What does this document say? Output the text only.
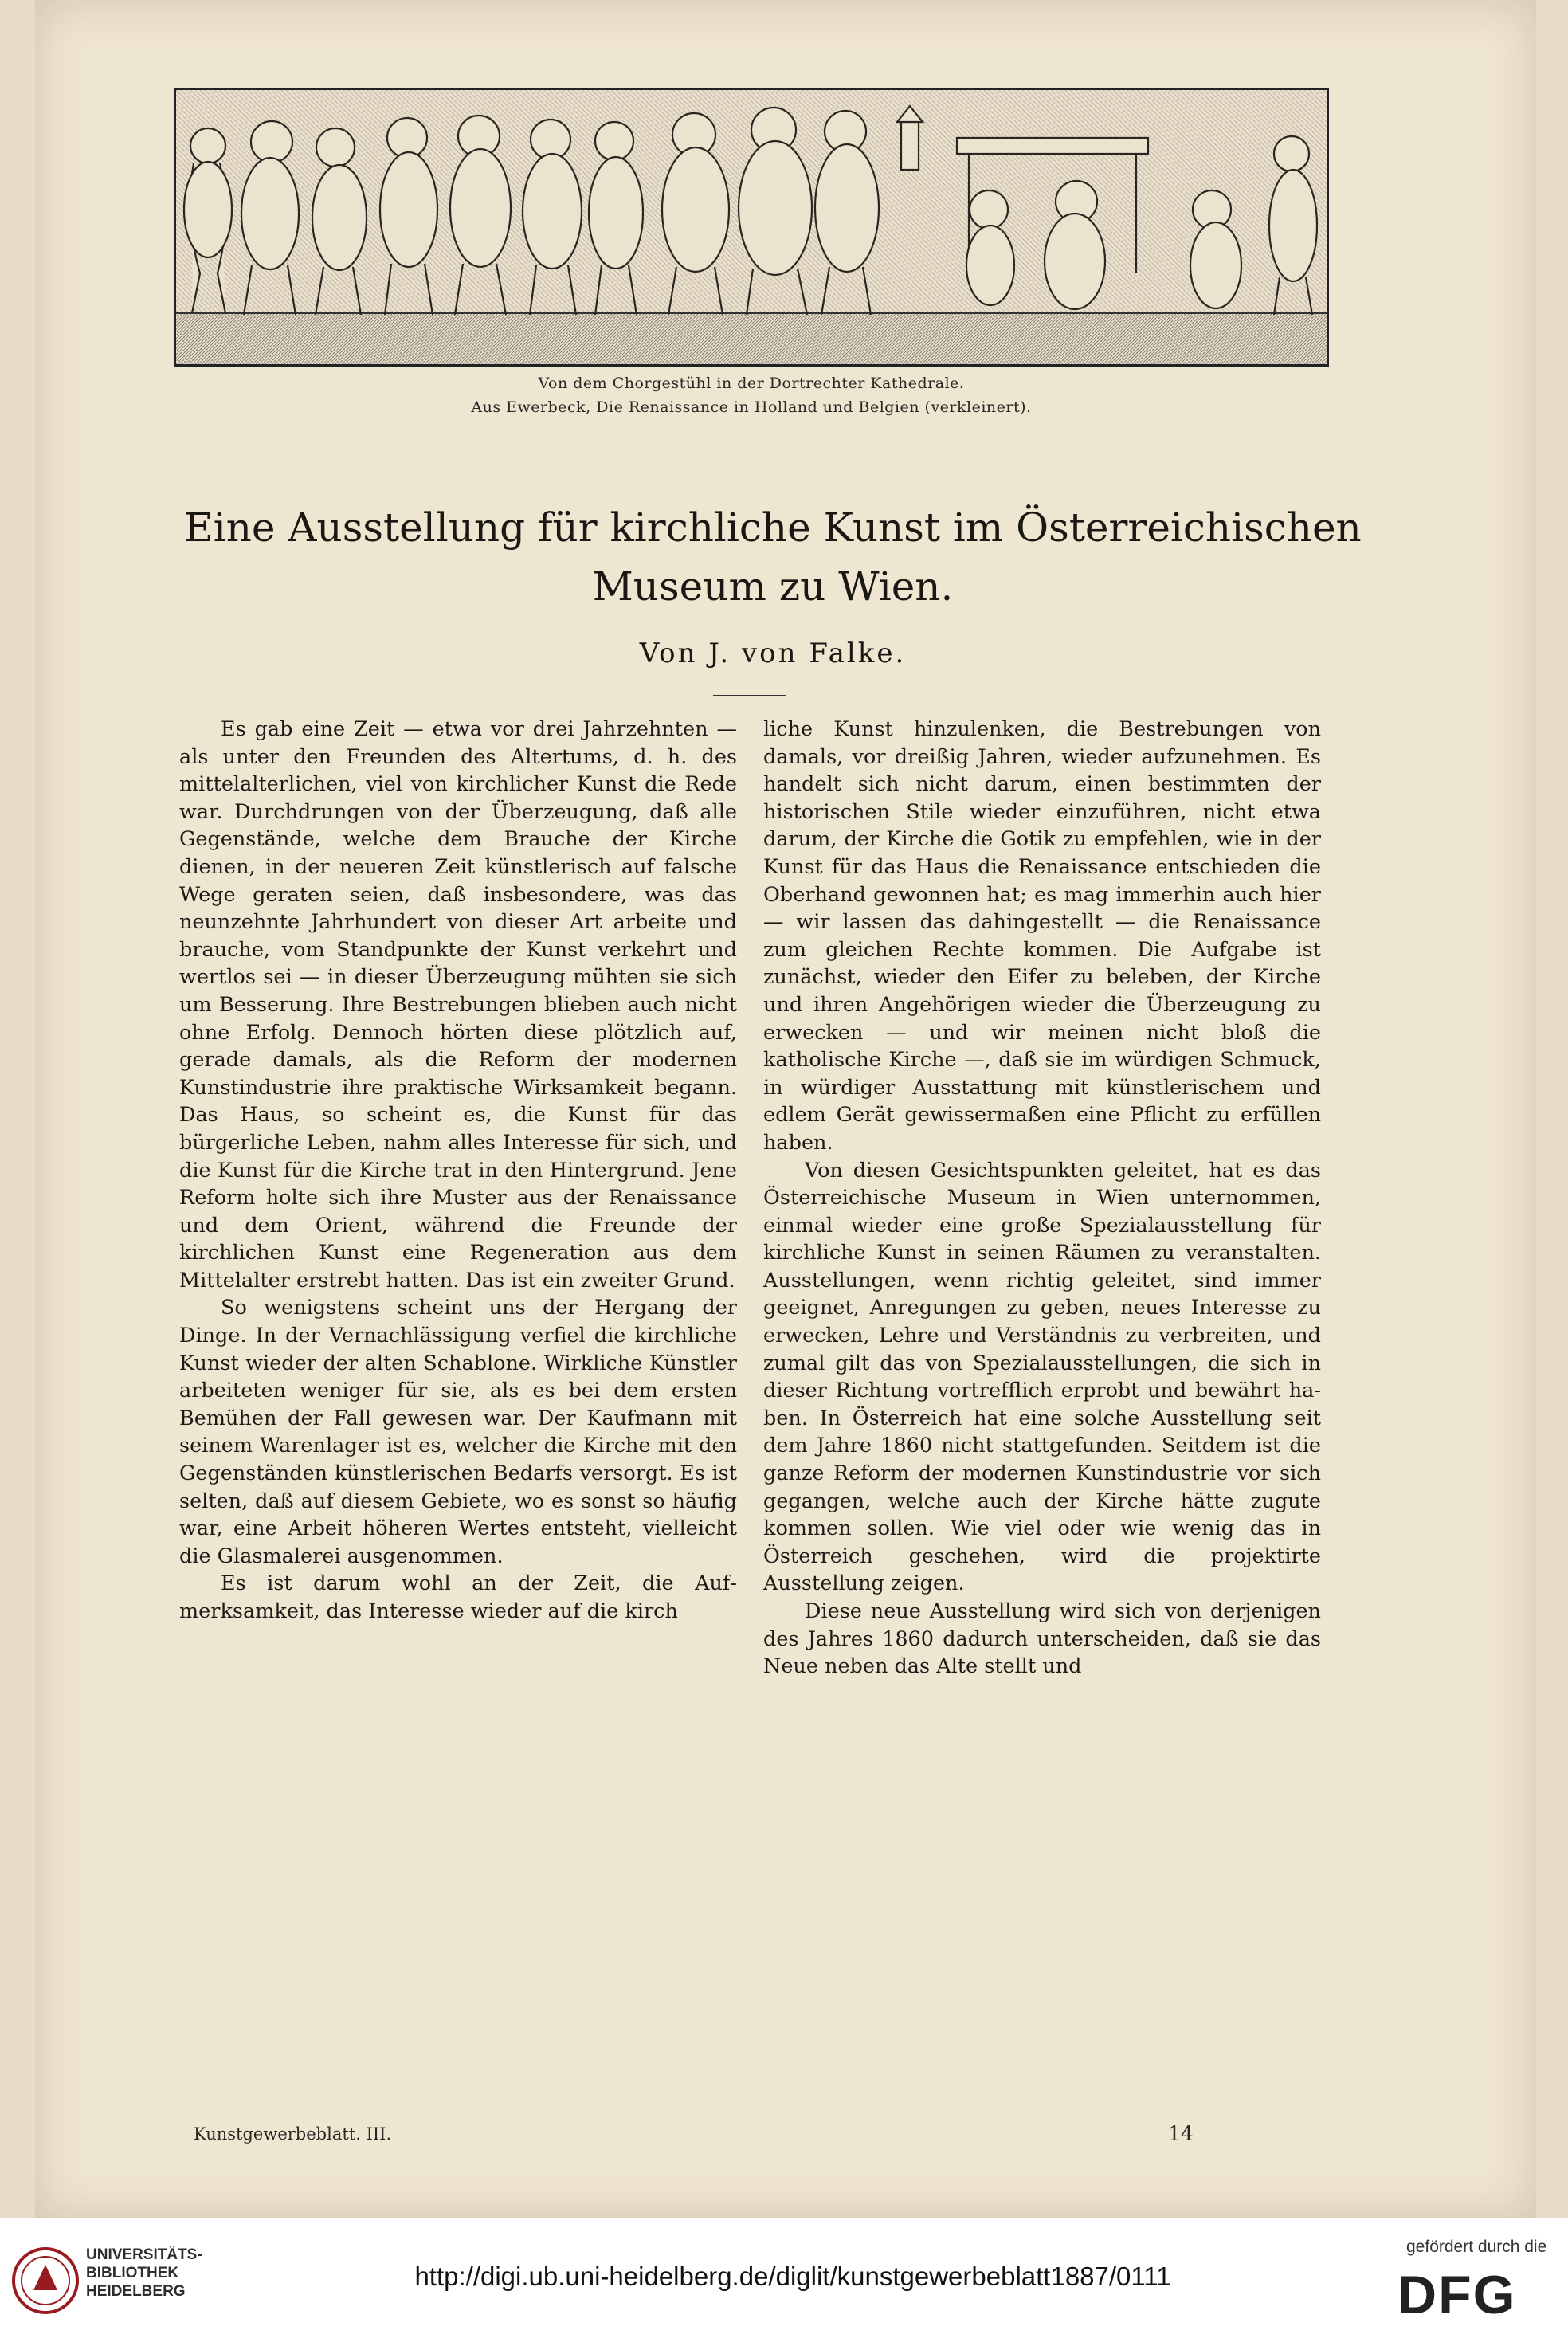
Von dem Chorgestühl in der Dortrechter Kathedrale.
Aus Ewerbeck, Die Renaissance in Holland und Belgien (verkleinert).
Eine Ausstellung für kirchliche Kunst im Österreichischen
Museum zu Wien.
Von J. von Falke.

Es gab eine Zeit — etwa vor drei Jahrzehnten — als unter den Freunden des Altertums, d. h. des mittelalterlichen, viel von kirchlicher Kunst die Rede war. Durchdrungen von der Überzeugung, daß alle Gegenstände, welche dem Brauche der Kirche dienen, in der neueren Zeit künstlerisch auf falsche Wege geraten seien, daß insbesondere, was das neunzehnte Jahrhundert von dieser Art arbeite und brauche, vom Standpunkte der Kunst verkehrt und wertlos sei — in dieser Überzeugung mühten sie sich um Besserung. Ihre Bestrebungen blieben auch nicht ohne Erfolg. Dennoch hörten diese plötzlich auf, gerade damals, als die Reform der modernen Kunstindustrie ihre praktische Wirksamkeit begann. Das Haus, so scheint es, die Kunst für das bürgerliche Leben, nahm alles Interesse für sich, und die Kunst für die Kirche trat in den Hintergrund. Jene Reform holte sich ihre Muster aus der Renaissance und dem Orient, während die Freunde der kirchlichen Kunst eine Regeneration aus dem Mittelalter erstrebt hatten. Das ist ein zweiter Grund.

So wenigstens scheint uns der Hergang der Dinge. In der Vernachlässigung verfiel die kirchliche Kunst wieder der alten Schablone. Wirkliche Künstler arbeiteten weniger für sie, als es bei dem ersten Bemühen der Fall gewesen war. Der Kaufmann mit seinem Warenlager ist es, welcher die Kirche mit den Gegenständen künstlerischen Bedarfs versorgt. Es ist selten, daß auf diesem Gebiete, wo es sonst so häufig war, eine Arbeit höheren Wertes entsteht, vielleicht die Glasmalerei ausgenommen.

Es ist darum wohl an der Zeit, die Aufmerksamkeit, das Interesse wieder auf die kirch

liche Kunst hinzulenken, die Bestrebungen von damals, vor dreißig Jahren, wieder aufzunehmen. Es handelt sich nicht darum, einen bestimmten der historischen Stile wieder einzuführen, nicht etwa darum, der Kirche die Gotik zu empfehlen, wie in der Kunst für das Haus die Renaissance entschieden die Oberhand gewonnen hat; es mag immerhin auch hier — wir lassen das dahingestellt — die Renaissance zum gleichen Rechte kommen. Die Aufgabe ist zunächst, wieder den Eifer zu beleben, der Kirche und ihren Angehörigen wieder die Überzeugung zu erwecken — und wir meinen nicht bloß die katholische Kirche —, daß sie im würdigen Schmuck, in würdiger Ausstattung mit künstlerischem und edlem Gerät gewissermaßen eine Pflicht zu erfüllen haben.

Von diesen Gesichtspunkten geleitet, hat es das Österreichische Museum in Wien unternommen, einmal wieder eine große Spezialausstellung für kirchliche Kunst in seinen Räumen zu veranstalten. Ausstellungen, wenn richtig geleitet, sind immer geeignet, Anregungen zu geben, neues Interesse zu erwecken, Lehre und Verständnis zu verbreiten, und zumal gilt das von Spezialausstellungen, die sich in dieser Richtung vortrefflich erprobt und bewährt haben. In Österreich hat eine solche Ausstellung seit dem Jahre 1860 nicht stattgefunden. Seitdem ist die ganze Reform der modernen Kunstindustrie vor sich gegangen, welche auch der Kirche hätte zugute kommen sollen. Wie viel oder wie wenig das in Österreich geschehen, wird die projektirte Ausstellung zeigen.

Diese neue Ausstellung wird sich von derjenigen des Jahres 1860 dadurch unterscheiden, daß sie das Neue neben das Alte stellt und

Kunstgewerbeblatt. III.	14
UNIVERSITÄTS-
BIBLIOTHEK
HEIDELBERG
http://digi.ub.uni-heidelberg.de/diglit/kunstgewerbeblatt1887/0111
gefördert durch die
DFG
